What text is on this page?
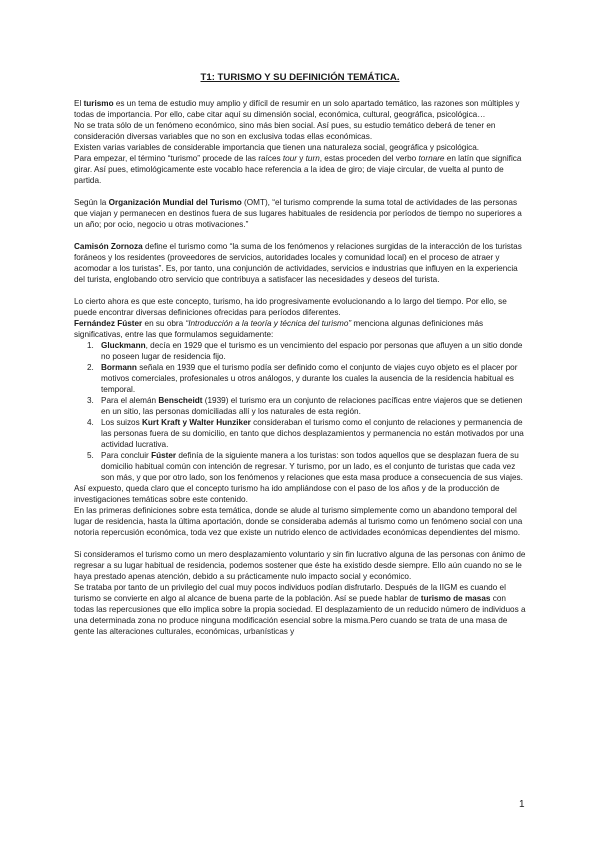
T1: TURISMO Y SU DEFINICIÓN TEMÁTICA.

El turismo es un tema de estudio muy amplio y difícil de resumir en un solo apartado temático, las razones son múltiples y todas de importancia. Por ello, cabe citar aquí su dimensión social, económica, cultural, geográfica, psicológica…

No se trata sólo de un fenómeno económico, sino más bien social. Así pues, su estudio temático deberá de tener en consideración diversas variables que no son en exclusiva todas ellas económicas.

Existen varias variables de considerable importancia que tienen una naturaleza social, geográfica y psicológica.

Para empezar, el término “turismo” procede de las raíces tour y turn, estas proceden del verbo tornare en latín que significa girar. Así pues, etimológicamente este vocablo hace referencia a la idea de giro; de viaje circular, de vuelta al punto de partida.

Según la Organización Mundial del Turismo (OMT), “el turismo comprende la suma total de actividades de las personas que viajan y permanecen en destinos fuera de sus lugares habituales de residencia por períodos de tiempo no superiores a un año; por ocio, negocio u otras motivaciones.”

Camisón Zornoza define el turismo como “la suma de los fenómenos y relaciones surgidas de la interacción de los turistas foráneos y los residentes (proveedores de servicios, autoridades locales y comunidad local) en el proceso de atraer y acomodar a los turistas”. Es, por tanto, una conjunción de actividades, servicios e industrias que influyen en la experiencia del turista, englobando otro servicio que contribuya a satisfacer las necesidades y deseos del turista.

Lo cierto ahora es que este concepto, turismo, ha ido progresivamente evolucionando a lo largo del tiempo. Por ello, se puede encontrar diversas definiciones ofrecidas para períodos diferentes.

Fernández Fúster en su obra “Introducción a la teoría y técnica del turismo” menciona algunas definiciones más significativas, entre las que formulamos seguidamente:

1. Gluckmann, decía en 1929 que el turismo es un vencimiento del espacio por personas que afluyen a un sitio donde no poseen lugar de residencia fijo.
2. Bormann señala en 1939 que el turismo podía ser definido como el conjunto de viajes cuyo objeto es el placer por motivos comerciales, profesionales u otros análogos, y durante los cuales la ausencia de la residencia habitual es temporal.
3. Para el alemán Benscheidt (1939) el turismo era un conjunto de relaciones pacíficas entre viajeros que se detienen en un sitio, las personas domiciliadas allí y los naturales de esta región.
4. Los suizos Kurt Kraft y Walter Hunziker consideraban el turismo como el conjunto de relaciones y permanencia de las personas fuera de su domicilio, en tanto que dichos desplazamientos y permanencia no están motivados por una actividad lucrativa.
5. Para concluir Fúster definía de la siguiente manera a los turistas: son todos aquellos que se desplazan fuera de su domicilio habitual común con intención de regresar. Y turismo, por un lado, es el conjunto de turistas que cada vez son más, y que por otro lado, son los fenómenos y relaciones que esta masa produce a consecuencia de sus viajes.

Así expuesto, queda claro que el concepto turismo ha ido ampliándose con el paso de los años y de la producción de investigaciones temáticas sobre este contenido.

En las primeras definiciones sobre esta temática, donde se alude al turismo simplemente como un abandono temporal del lugar de residencia, hasta la última aportación, donde se consideraba además al turismo como un fenómeno social con una notoria repercusión económica, toda vez que existe un nutrido elenco de actividades económicas dependientes del mismo.

Si consideramos el turismo como un mero desplazamiento voluntario y sin fin lucrativo alguna de las personas con ánimo de regresar a su lugar habitual de residencia, podemos sostener que éste ha existido desde siempre. Ello aún cuando no se le haya prestado apenas atención, debido a su prácticamente nulo impacto social y económico.

Se trataba por tanto de un privilegio del cual muy pocos individuos podían disfrutarlo. Después de la IIGM es cuando el turismo se convierte en algo al alcance de buena parte de la población. Así se puede hablar de turismo de masas con todas las repercusiones que ello implica sobre la propia sociedad. El desplazamiento de un reducido número de individuos a una determinada zona no produce ninguna modificación esencial sobre la misma.Pero cuando se trata de una masa de gente las alteraciones culturales, económicas, urbanísticas y

1
